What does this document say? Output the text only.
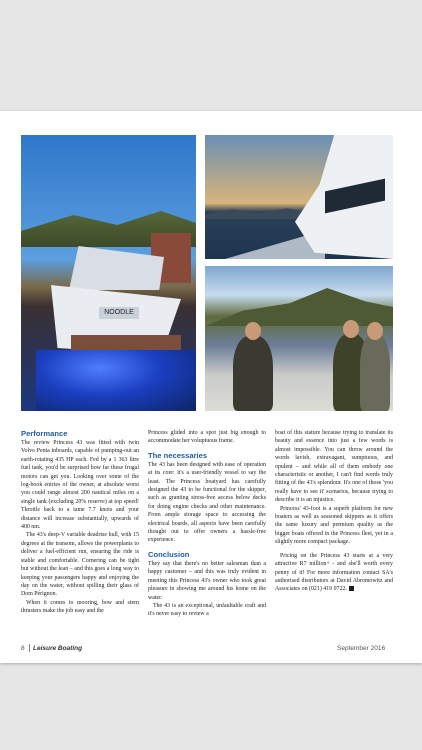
NOODLE
Performance

The review Princess 43 was fitted with twin Volvo Penta inboards, capable of pumping-out an earth-rotating 435 HP each. Fed by a 1 363 litre fuel tank, you'd be surprised how far these frugal motors can get you. Looking over some of the log-book entries of the owner, at absolute worst you could range almost 200 nautical miles on a single tank (excluding 20% reserve) at top speed! Throttle back to a tame 7.7 knots and your distance will increase substantially, upwards of 400 nm.

The 43's deep-V variable deadrise hull, with 15 degrees at the transom, allows the powerplants to deliver a fuel-efficient run, ensuring the ride is stable and comfortable. Cornering can be tight but without the lean – and this goes a long way to keeping your passengers happy and enjoying the day on the water, without spilling their glass of Dom Pérignon.

When it comes to mooring, bow and stern thrusters make the job easy and the

Princess glided into a spot just big enough to accommodate her voluptuous frame.

The necessaries

The 43 has been designed with ease of operation at its core: it's a user-friendly vessel to say the least. The Princess boatyard has carefully designed the 43 to be functional for the skipper, such as granting stress-free access below decks for doing engine checks and other maintenance. From ample storage space to accessing the electrical boards, all aspects have been carefully thought out to offer owners a hassle-free experience.

Conclusion

They say that there's no better salesman than a happy customer – and this was truly evident in meeting this Princess 43's owner who took great pleasure in showing me around his home on the water.

The 43 is an exceptional, unfaultable craft and it's never easy to review a

boat of this stature because trying to translate its beauty and essence into just a few words is almost impossible. You can throw around the words lavish, extravagant, sumptuous, and opulent – and while all of them embody one characteristic or another, I can't find words truly fitting of the 43's splendour. It's one of those 'you really have to see it' scenarios, because trying to describe it is an injustice.

Princess' 43-foot is a superb platform for new boaters as well as seasoned skippers as it offers the same luxury and premium quality as the bigger boats offered in the Princess fleet, yet in a slightly more compact package.

Pricing on the Princess 43 starts at a very attractive R7 million+ - and she'll worth every penny of it! For more information contact SA's authorised distributors at David Abromowitz and Associates on (021) 419 0722.

8 Leisure Boating	September 2016
